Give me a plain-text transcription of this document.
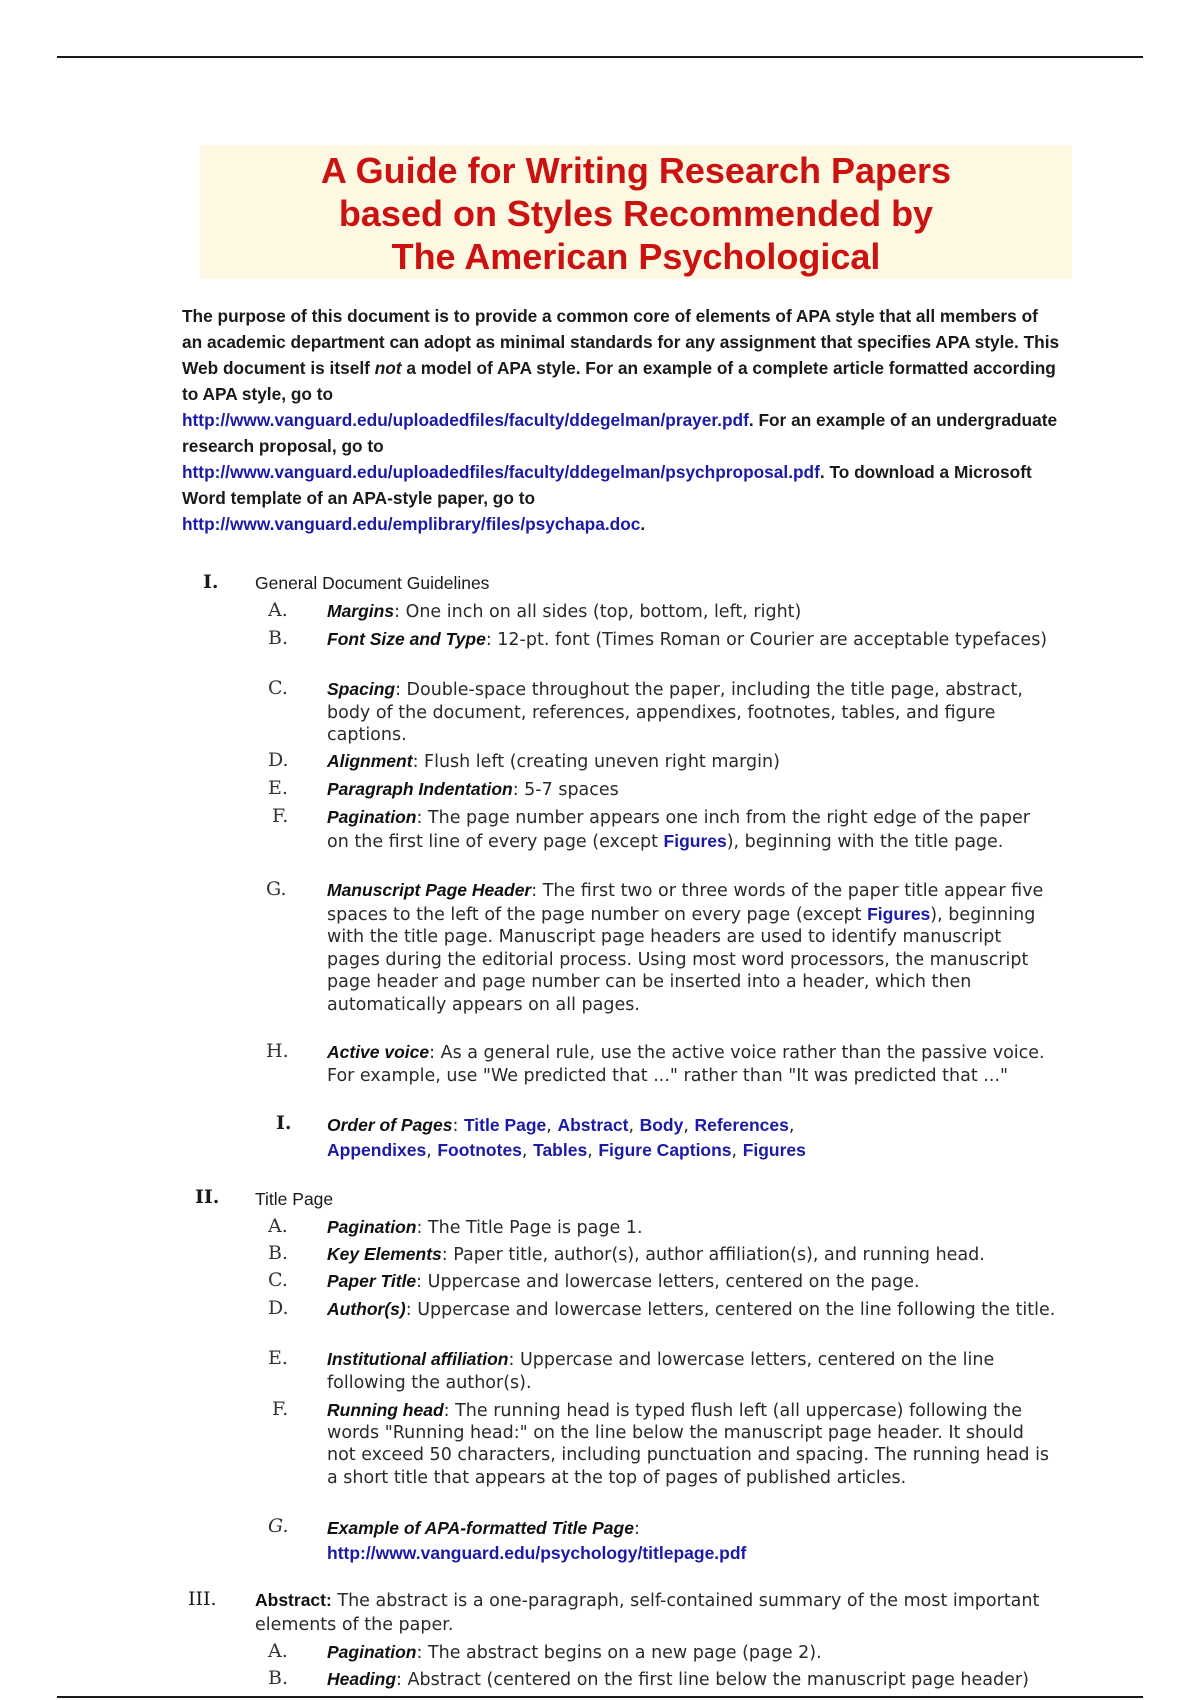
A Guide for Writing Research Papers
based on Styles Recommended by
The American Psychological
The purpose of this document is to provide a common core of elements of APA style that all members of an academic department can adopt as minimal standards for any assignment that specifies APA style. This Web document is itself not a model of APA style. For an example of a complete article formatted according to APA style, go to
http://www.vanguard.edu/uploadedfiles/faculty/ddegelman/prayer.pdf. For an example of an undergraduate research proposal, go to
http://www.vanguard.edu/uploadedfiles/faculty/ddegelman/psychproposal.pdf. To download a Microsoft Word template of an APA-style paper, go to
http://www.vanguard.edu/emplibrary/files/psychapa.doc.
I. General Document Guidelines
A. Margins: One inch on all sides (top, bottom, left, right)
B. Font Size and Type: 12-pt. font (Times Roman or Courier are acceptable typefaces)
C. Spacing: Double-space throughout the paper, including the title page, abstract, body of the document, references, appendixes, footnotes, tables, and figure captions.
D. Alignment: Flush left (creating uneven right margin)
E. Paragraph Indentation: 5-7 spaces
F. Pagination: The page number appears one inch from the right edge of the paper on the first line of every page (except Figures), beginning with the title page.
G. Manuscript Page Header: The first two or three words of the paper title appear five spaces to the left of the page number on every page (except Figures), beginning with the title page. Manuscript page headers are used to identify manuscript pages during the editorial process. Using most word processors, the manuscript page header and page number can be inserted into a header, which then automatically appears on all pages.
H. Active voice: As a general rule, use the active voice rather than the passive voice. For example, use "We predicted that ..." rather than "It was predicted that ..."
I. Order of Pages: Title Page, Abstract, Body, References,
Appendixes, Footnotes, Tables, Figure Captions, Figures
II. Title Page
A. Pagination: The Title Page is page 1.
B. Key Elements: Paper title, author(s), author affiliation(s), and running head.
C. Paper Title: Uppercase and lowercase letters, centered on the page.
D. Author(s): Uppercase and lowercase letters, centered on the line following the title.
E. Institutional affiliation: Uppercase and lowercase letters, centered on the line following the author(s).
F. Running head: The running head is typed flush left (all uppercase) following the words "Running head:" on the line below the manuscript page header. It should not exceed 50 characters, including punctuation and spacing. The running head is a short title that appears at the top of pages of published articles.
G. Example of APA-formatted Title Page:
http://www.vanguard.edu/psychology/titlepage.pdf
III. Abstract: The abstract is a one-paragraph, self-contained summary of the most important elements of the paper.
A. Pagination: The abstract begins on a new page (page 2).
B. Heading: Abstract (centered on the first line below the manuscript page header)
